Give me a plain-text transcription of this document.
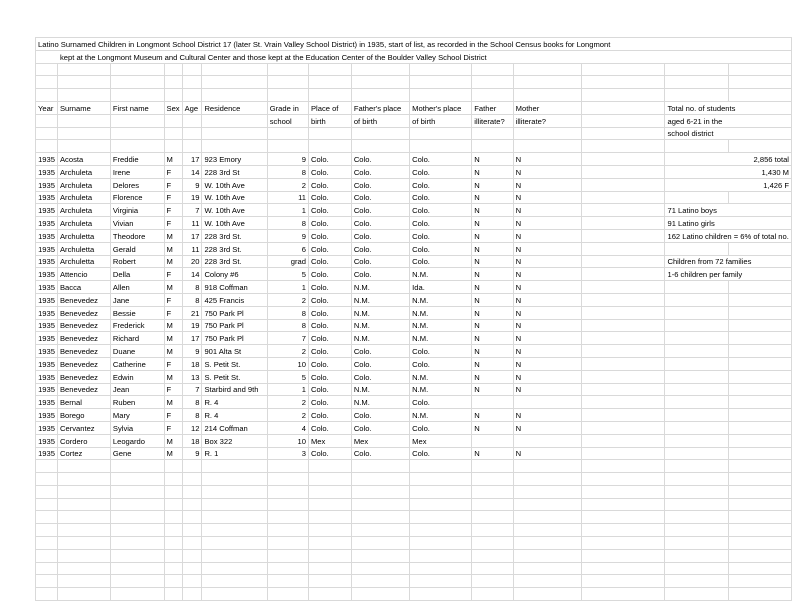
Latino Surnamed Children in Longmont School District 17 (later St. Vrain Valley School District) in 1935, start of list, as recorded in the School Census books for Longmont														
kept at the Longmont Museum and Cultural Center and those kept at the Education Center of the Boulder Valley School District														

Year	Surname	First name	Sex	Age	Residence	Grade in	Place of	Father's place	Mother's place	Father	Mother		Total no. of students	
						school	birth	of birth	of birth	illiterate?	illiterate?		aged 6-21 in the	
													school district	

1935	Acosta	Freddie	M	17	923 Emory	9	Colo.	Colo.	Colo.	N	N		2,856 total	
1935	Archuleta	Irene	F	14	228 3rd St	8	Colo.	Colo.	Colo.	N	N		1,430 M	
1935	Archuleta	Delores	F	9	W. 10th Ave	2	Colo.	Colo.	Colo.	N	N		1,426 F	
1935	Archuleta	Florence	F	19	W. 10th Ave	11	Colo.	Colo.	Colo.	N	N			
1935	Archuleta	Virginia	F	7	W. 10th Ave	1	Colo.	Colo.	Colo.	N	N		71 Latino boys	
1935	Archuleta	Vivian	F	11	W. 10th Ave	8	Colo.	Colo.	Colo.	N	N		91 Latino girls	
1935	Archuletta	Theodore	M	17	228 3rd St.	9	Colo.	Colo.	Colo.	N	N		162 Latino children = 6% of total no.	
1935	Archuletta	Gerald	M	11	228 3rd St.	6	Colo.	Colo.	Colo.	N	N			
1935	Archuletta	Robert	M	20	228 3rd St.	grad	Colo.	Colo.	Colo.	N	N		Children from 72 families	
1935	Attencio	Della	F	14	Colony #6	5	Colo.	Colo.	N.M.	N	N		1-6 children per family	
1935	Bacca	Allen	M	8	918 Coffman	1	Colo.	N.M.	Ida.	N	N			
1935	Benevedez	Jane	F	8	425 Francis	2	Colo.	N.M.	N.M.	N	N			
1935	Benevedez	Bessie	F	21	750 Park Pl	8	Colo.	N.M.	N.M.	N	N			
1935	Benevedez	Frederick	M	19	750 Park Pl	8	Colo.	N.M.	N.M.	N	N			
1935	Benevedez	Richard	M	17	750 Park Pl	7	Colo.	N.M.	N.M.	N	N			
1935	Benevedez	Duane	M	9	901 Alta St	2	Colo.	Colo.	Colo.	N	N			
1935	Benevedez	Catherine	F	18	S. Petit St.	10	Colo.	Colo.	Colo.	N	N			
1935	Benevedez	Edwin	M	13	S. Petit St.	5	Colo.	Colo.	N.M.	N	N			
1935	Benevedez	Jean	F	7	Starbird and 9th	1	Colo.	N.M.	N.M.	N	N			
1935	Bernal	Ruben	M	8	R. 4	2	Colo.	N.M.	Colo.					
1935	Borego	Mary	F	8	R. 4	2	Colo.	Colo.	N.M.	N	N			
1935	Cervantez	Sylvia	F	12	214 Coffman	4	Colo.	Colo.	Colo.	N	N			
1935	Cordero	Leogardo	M	18	Box 322	10	Mex	Mex	Mex					
1935	Cortez	Gene	M	9	R. 1	3	Colo.	Colo.	Colo.	N	N			
